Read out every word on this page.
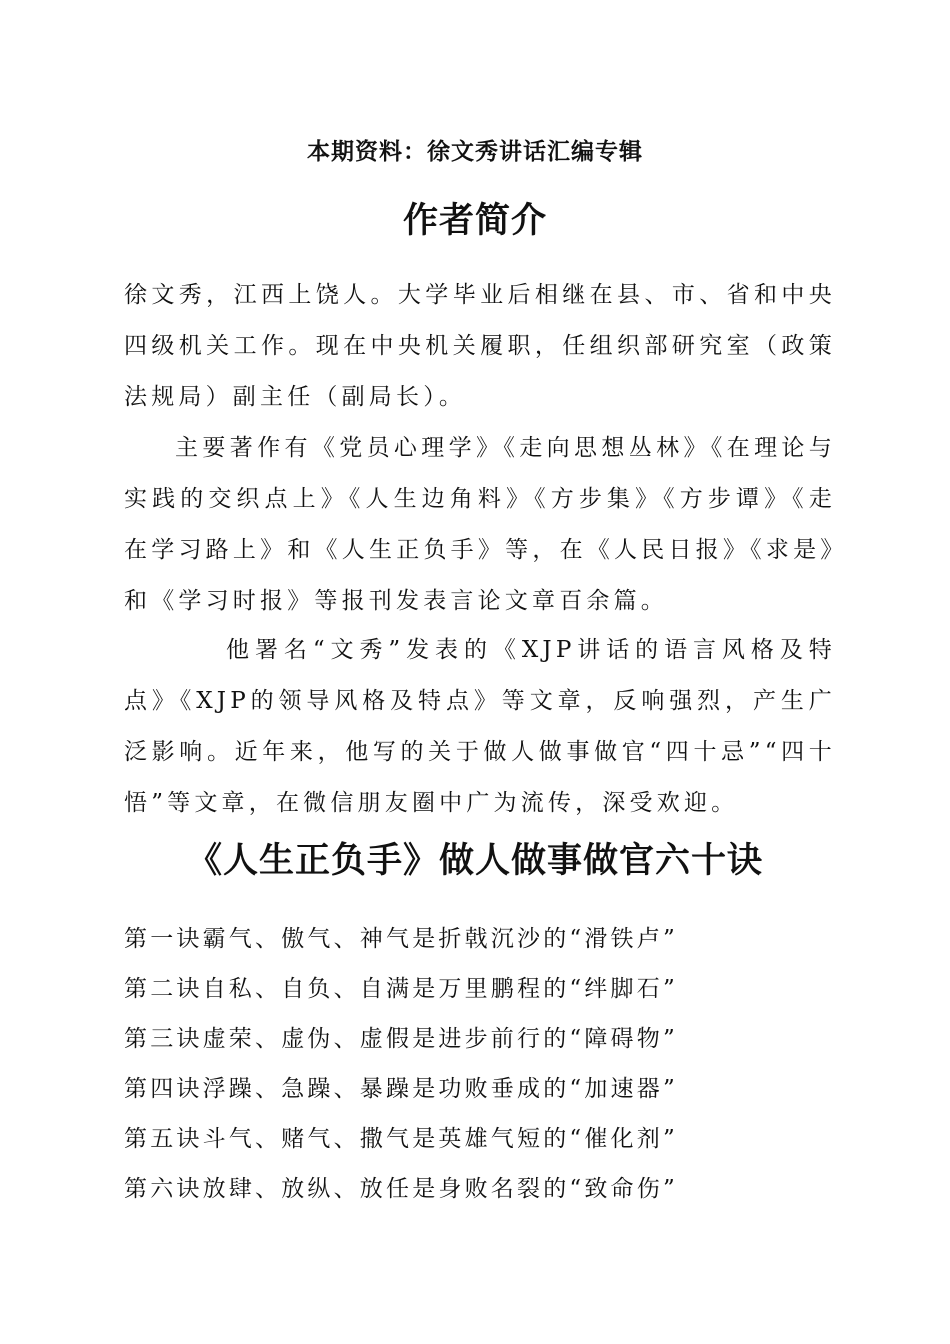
本期资料：徐文秀讲话汇编专辑
作者简介

徐文秀，江西上饶人。大学毕业后相继在县、市、省和中央四级机关工作。现在中央机关履职，任组织部研究室（政策法规局）副主任（副局长）。

主要著作有《党员心理学》《走向思想丛林》《在理论与实践的交织点上》《人生边角料》《方步集》《方步谭》《走在学习路上》和《人生正负手》等，在《人民日报》《求是》和《学习时报》等报刊发表言论文章百余篇。

他署名“文秀”发表的《XJP讲话的语言风格及特点》《XJP的领导风格及特点》等文章，反响强烈，产生广泛影响。近年来，他写的关于做人做事做官“四十忌”“四十悟”等文章，在微信朋友圈中广为流传，深受欢迎。

《人生正负手》做人做事做官六十诀
第一诀霸气、傲气、神气是折戟沉沙的“滑铁卢”
第二诀自私、自负、自满是万里鹏程的“绊脚石”
第三诀虚荣、虚伪、虚假是进步前行的“障碍物”
第四诀浮躁、急躁、暴躁是功败垂成的“加速器”
第五诀斗气、赌气、撒气是英雄气短的“催化剂”
第六诀放肆、放纵、放任是身败名裂的“致命伤”
